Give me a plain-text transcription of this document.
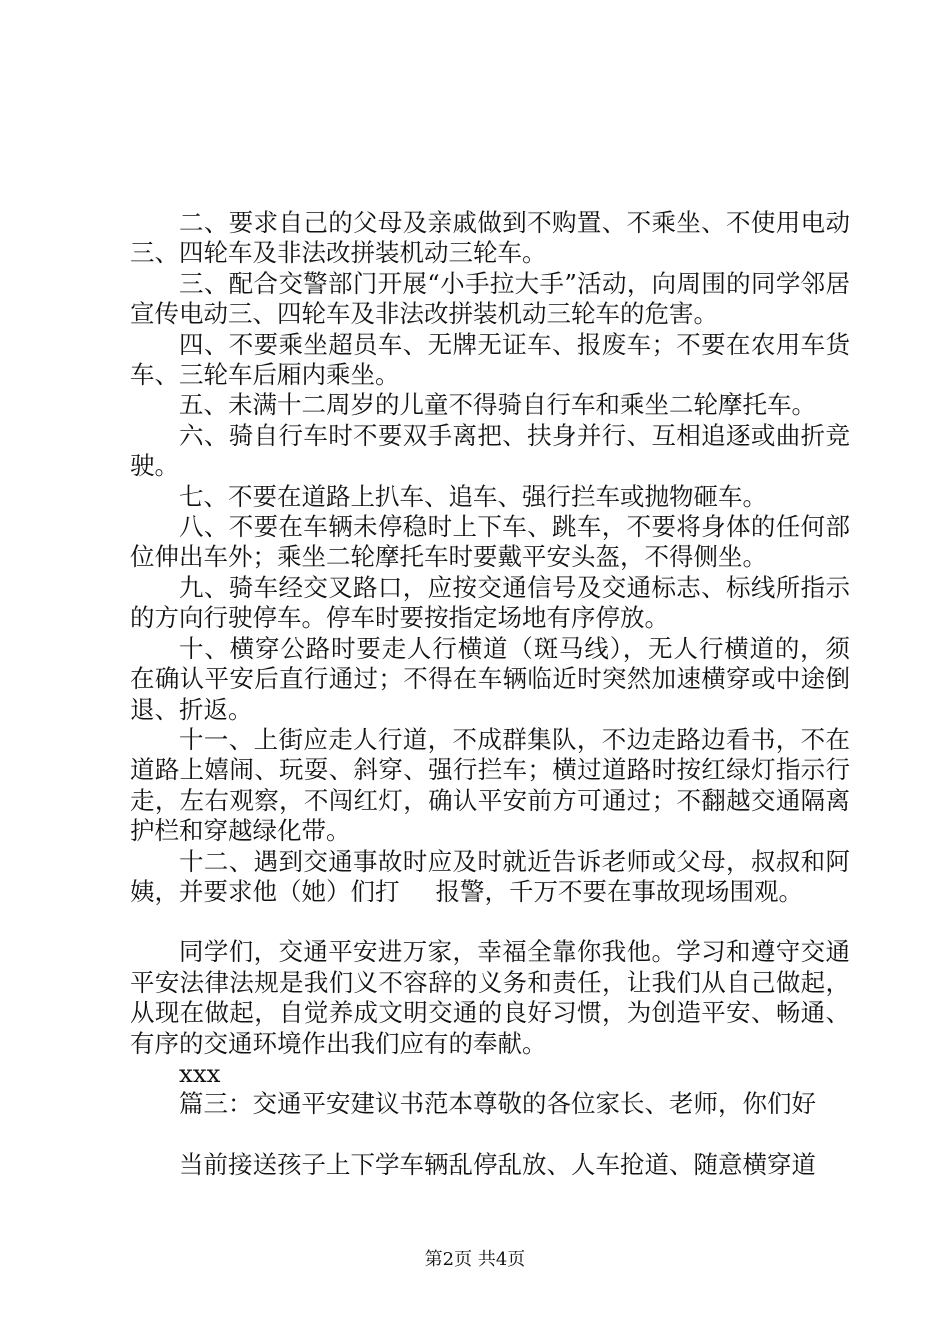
二、要求自己的父母及亲戚做到不购置、不乘坐、不使用电动三、四轮车及非法改拼装机动三轮车。

三、配合交警部门开展“小手拉大手”活动，向周围的同学邻居宣传电动三、四轮车及非法改拼装机动三轮车的危害。

四、不要乘坐超员车、无牌无证车、报废车；不要在农用车货车、三轮车后厢内乘坐。

五、未满十二周岁的儿童不得骑自行车和乘坐二轮摩托车。

六、骑自行车时不要双手离把、扶身并行、互相追逐或曲折竞驶。

七、不要在道路上扒车、追车、强行拦车或抛物砸车。

八、不要在车辆未停稳时上下车、跳车，不要将身体的任何部位伸出车外；乘坐二轮摩托车时要戴平安头盔，不得侧坐。

九、骑车经交叉路口，应按交通信号及交通标志、标线所指示的方向行驶停车。停车时要按指定场地有序停放。

十、横穿公路时要走人行横道（斑马线），无人行横道的，须在确认平安后直行通过；不得在车辆临近时突然加速横穿或中途倒退、折返。

十一、上街应走人行道，不成群集队，不边走路边看书，不在道路上嬉闹、玩耍、斜穿、强行拦车；横过道路时按红绿灯指示行走，左右观察，不闯红灯，确认平安前方可通过；不翻越交通隔离护栏和穿越绿化带。

十二、遇到交通事故时应及时就近告诉老师或父母，叔叔和阿姨，并要求他（她）们打 报警，千万不要在事故现场围观。

同学们，交通平安进万家，幸福全靠你我他。学习和遵守交通平安法律法规是我们义不容辞的义务和责任，让我们从自己做起，从现在做起，自觉养成文明交通的良好习惯，为创造平安、畅通、有序的交通环境作出我们应有的奉献。

xxx

篇三：交通平安建议书范本尊敬的各位家长、老师，你们好

当前接送孩子上下学车辆乱停乱放、人车抢道、随意横穿道

第2页 共4页
